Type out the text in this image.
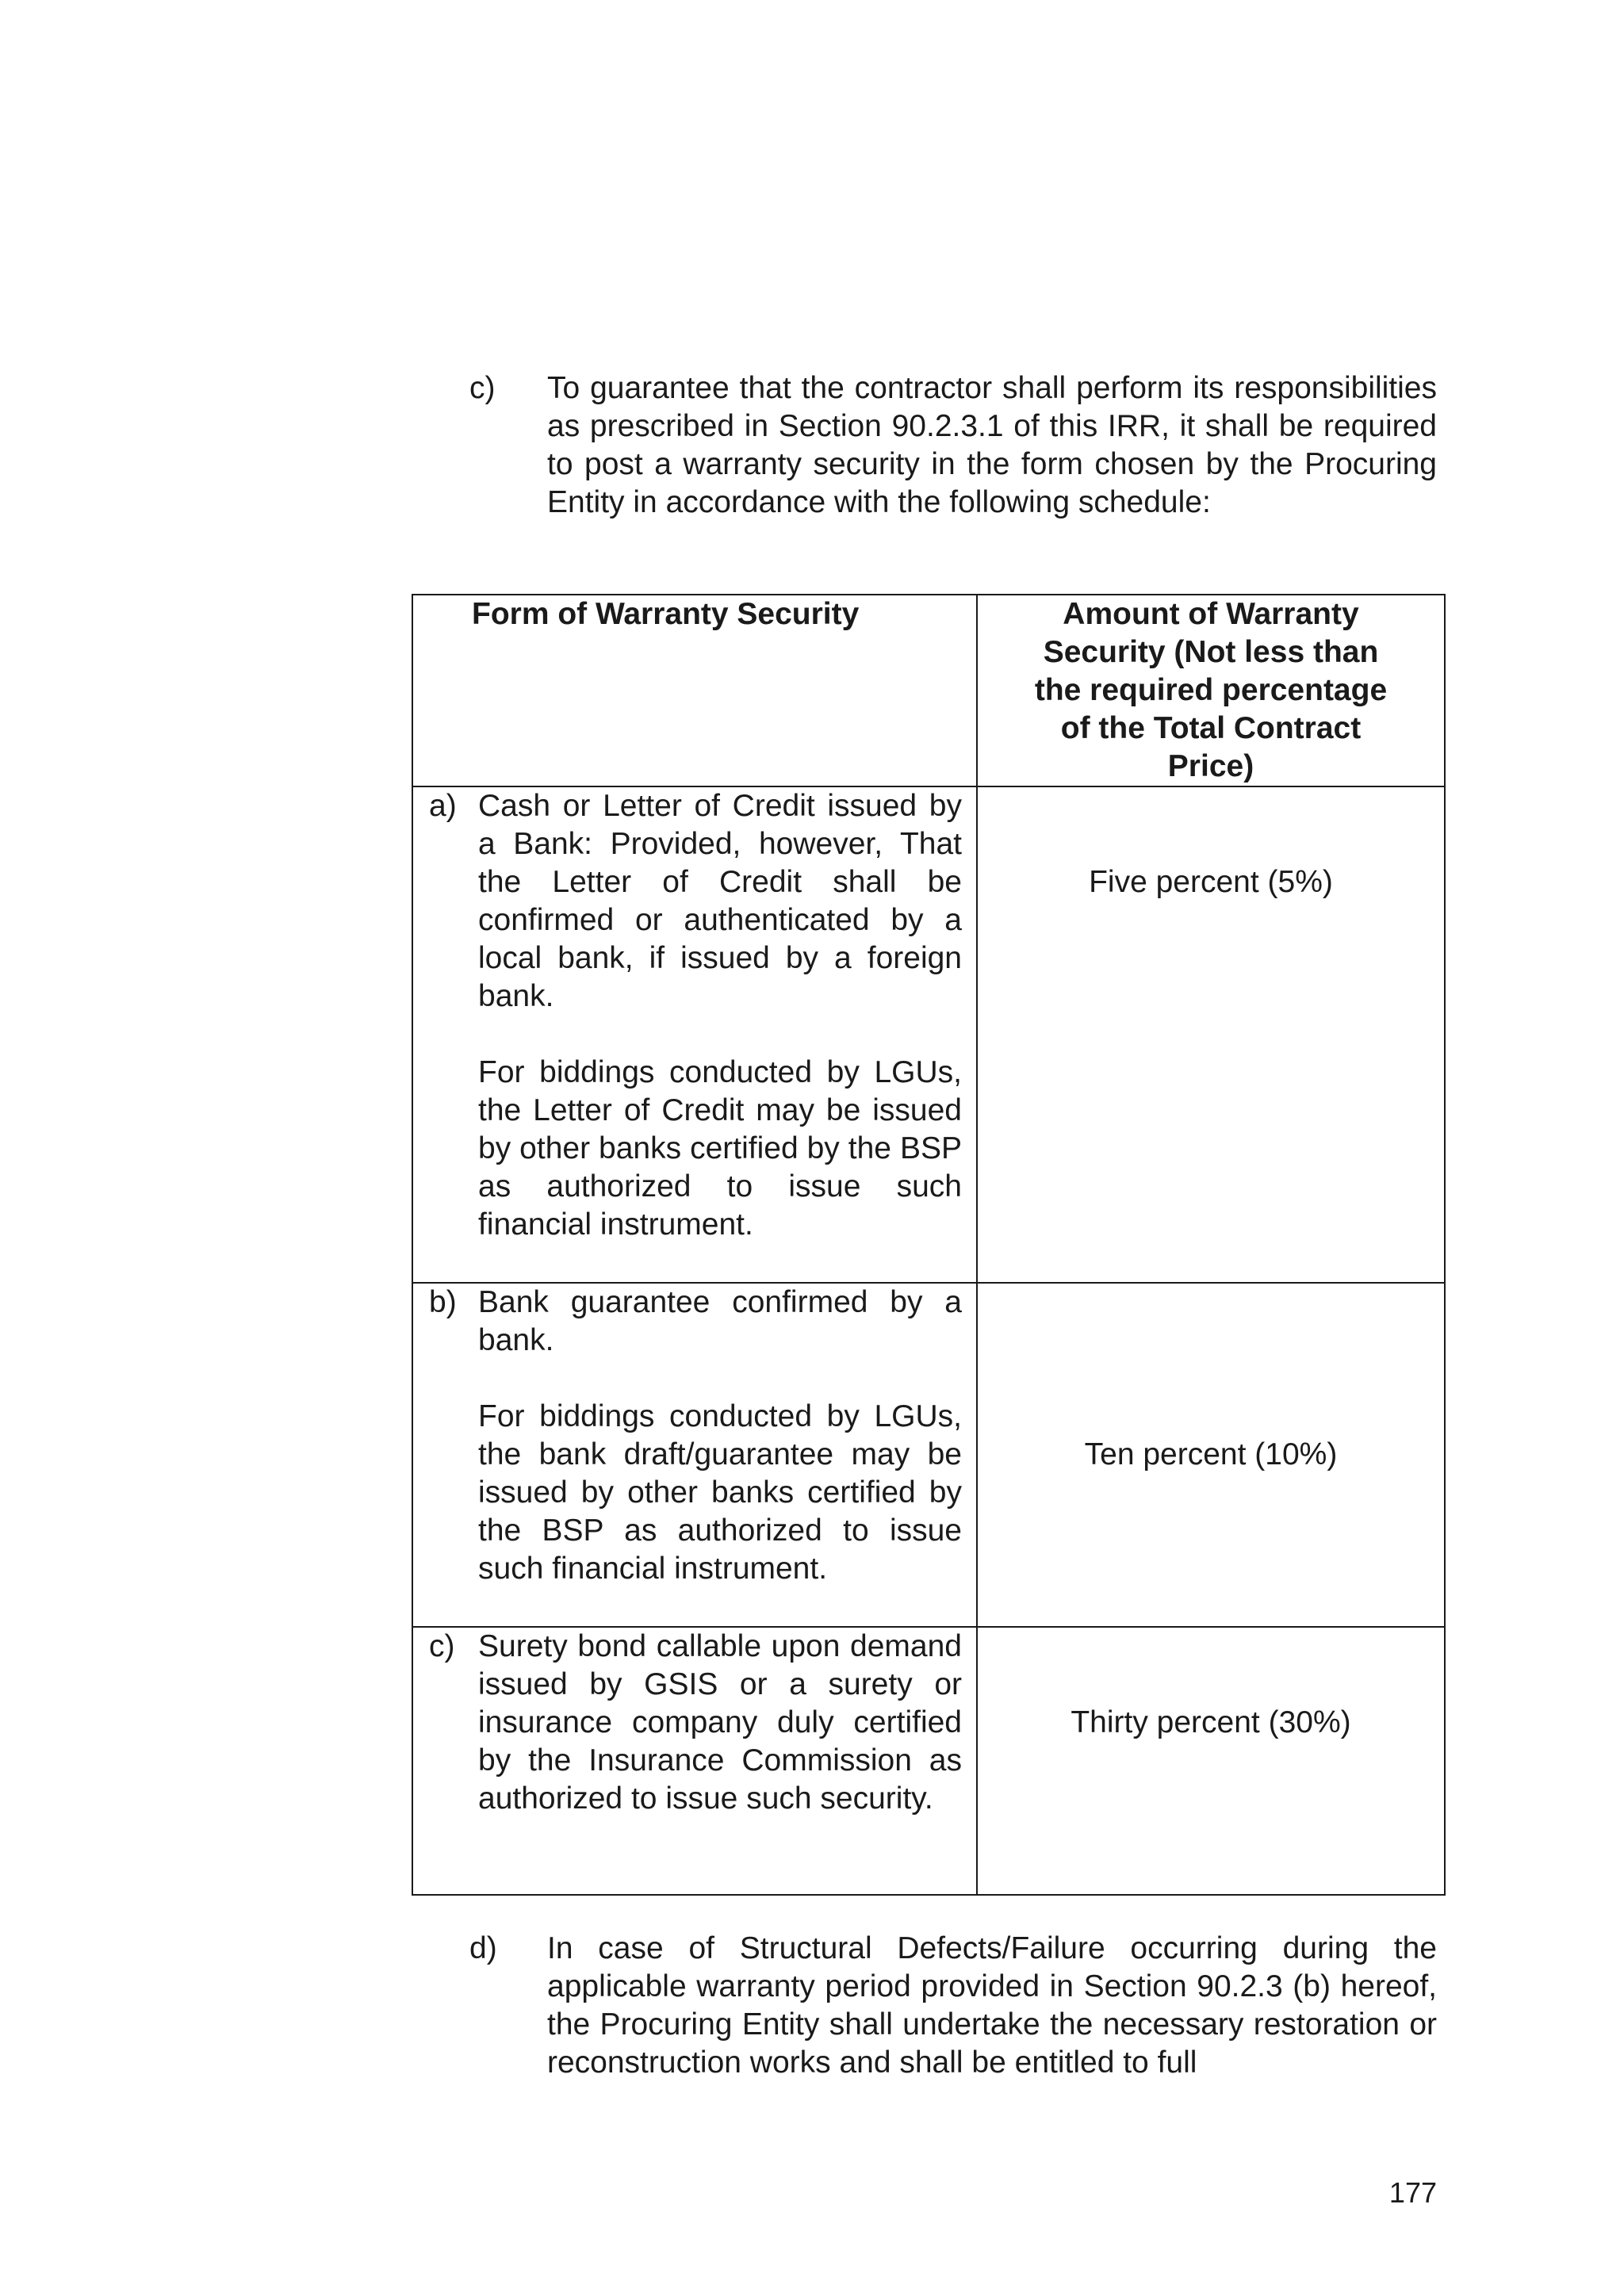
c) To guarantee that the contractor shall perform its responsibilities as prescribed in Section 90.2.3.1 of this IRR, it shall be required to post a warranty security in the form chosen by the Procuring Entity in accordance with the following schedule:

Form of Warranty Security	Amount of Warranty Security (Not less than the required percentage of the Total Contract Price)

a) Cash or Letter of Credit issued by a Bank: Provided, however, That the Letter of Credit shall be confirmed or authenticated by a local bank, if issued by a foreign bank.

For biddings conducted by LGUs, the Letter of Credit may be issued by other banks certified by the BSP as authorized to issue such financial instrument.	Five percent (5%)

b) Bank guarantee confirmed by a bank.

For biddings conducted by LGUs, the bank draft/guarantee may be issued by other banks certified by the BSP as authorized to issue such financial instrument.	Ten percent (10%)

c) Surety bond callable upon demand issued by GSIS or a surety or insurance company duly certified by the Insurance Commission as authorized to issue such security.	Thirty percent (30%)
d) In case of Structural Defects/Failure occurring during the applicable warranty period provided in Section 90.2.3 (b) hereof, the Procuring Entity shall undertake the necessary restoration or reconstruction works and shall be entitled to full

177
